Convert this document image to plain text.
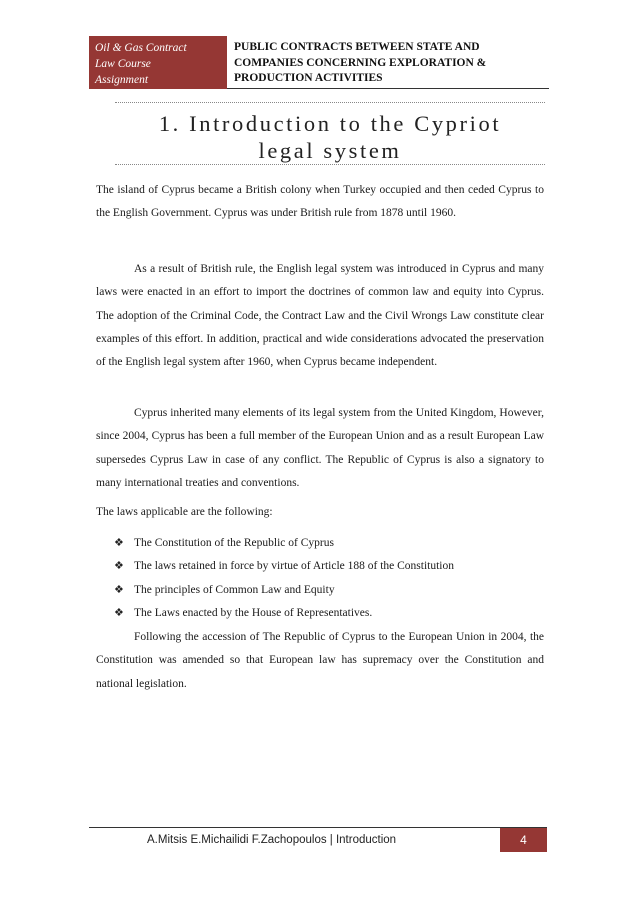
Oil & Gas Contract
Law Course
Assignment
PUBLIC CONTRACTS BETWEEN STATE AND
COMPANIES CONCERNING EXPLORATION &
PRODUCTION ACTIVITIES
1. Introduction to the Cypriot
legal system

The island of Cyprus became a British colony when Turkey occupied and then ceded Cyprus to the English Government. Cyprus was under British rule from 1878 until 1960.

As a result of British rule, the English legal system was introduced in Cyprus and many laws were enacted in an effort to import the doctrines of common law and equity into Cyprus. The adoption of the Criminal Code, the Contract Law and the Civil Wrongs Law constitute clear examples of this effort. In addition, practical and wide considerations advocated the preservation of the English legal system after 1960, when Cyprus became independent.

Cyprus inherited many elements of its legal system from the United Kingdom, However, since 2004, Cyprus has been a full member of the European Union and as a result European Law supersedes Cyprus Law in case of any conflict. The Republic of Cyprus is also a signatory to many international treaties and conventions.

The laws applicable are the following:

❖ The Constitution of the Republic of Cyprus
❖ The laws retained in force by virtue of Article 188 of the Constitution
❖ The principles of Common Law and Equity
❖ The Laws enacted by the House of Representatives.

Following the accession of The Republic of Cyprus to the European Union in 2004, the Constitution was amended so that European law has supremacy over the Constitution and national legislation.

A.Mitsis E.Michailidi F.Zachopoulos | Introduction	4
